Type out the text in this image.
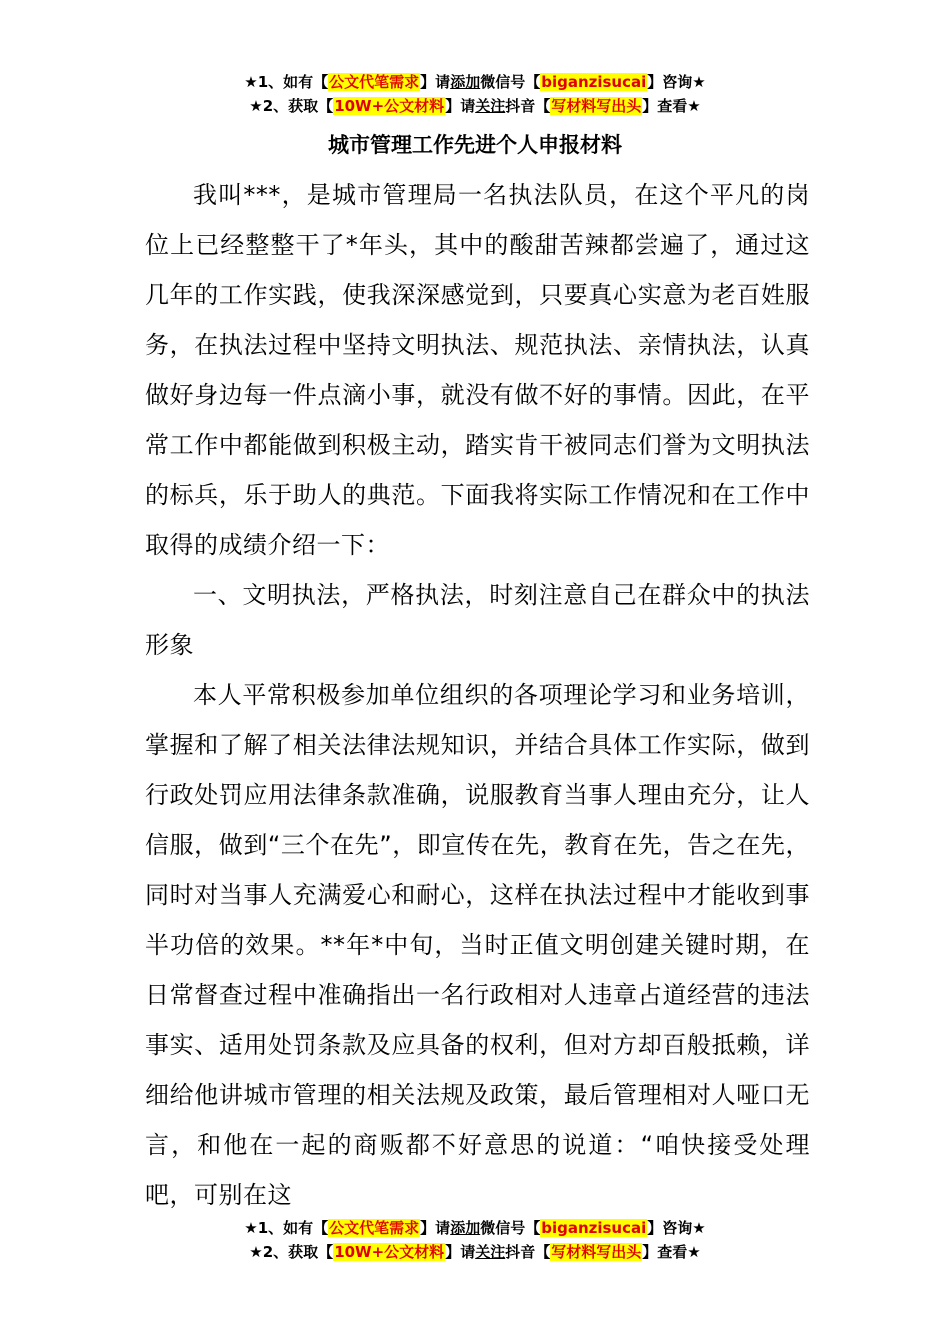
★1、如有【公文代笔需求】请添加微信号【biganzisucai】咨询★
★2、获取【10W+公文材料】请关注抖音【写材料写出头】查看★
城市管理工作先进个人申报材料

我叫***，是城市管理局一名执法队员，在这个平凡的岗位上已经整整干了*年头，其中的酸甜苦辣都尝遍了，通过这几年的工作实践，使我深深感觉到，只要真心实意为老百姓服务，在执法过程中坚持文明执法、规范执法、亲情执法，认真做好身边每一件点滴小事，就没有做不好的事情。因此，在平常工作中都能做到积极主动，踏实肯干被同志们誉为文明执法的标兵，乐于助人的典范。下面我将实际工作情况和在工作中取得的成绩介绍一下：

一、文明执法，严格执法，时刻注意自己在群众中的执法形象

本人平常积极参加单位组织的各项理论学习和业务培训，掌握和了解了相关法律法规知识，并结合具体工作实际，做到行政处罚应用法律条款准确，说服教育当事人理由充分，让人信服，做到“三个在先”，即宣传在先，教育在先，告之在先，同时对当事人充满爱心和耐心，这样在执法过程中才能收到事半功倍的效果。**年*中旬，当时正值文明创建关键时期，在日常督查过程中准确指出一名行政相对人违章占道经营的违法事实、适用处罚条款及应具备的权利，但对方却百般抵赖，详细给他讲城市管理的相关法规及政策，最后管理相对人哑口无言，和他在一起的商贩都不好意思的说道：“咱快接受处理吧，可别在这

★1、如有【公文代笔需求】请添加微信号【biganzisucai】咨询★
★2、获取【10W+公文材料】请关注抖音【写材料写出头】查看★
